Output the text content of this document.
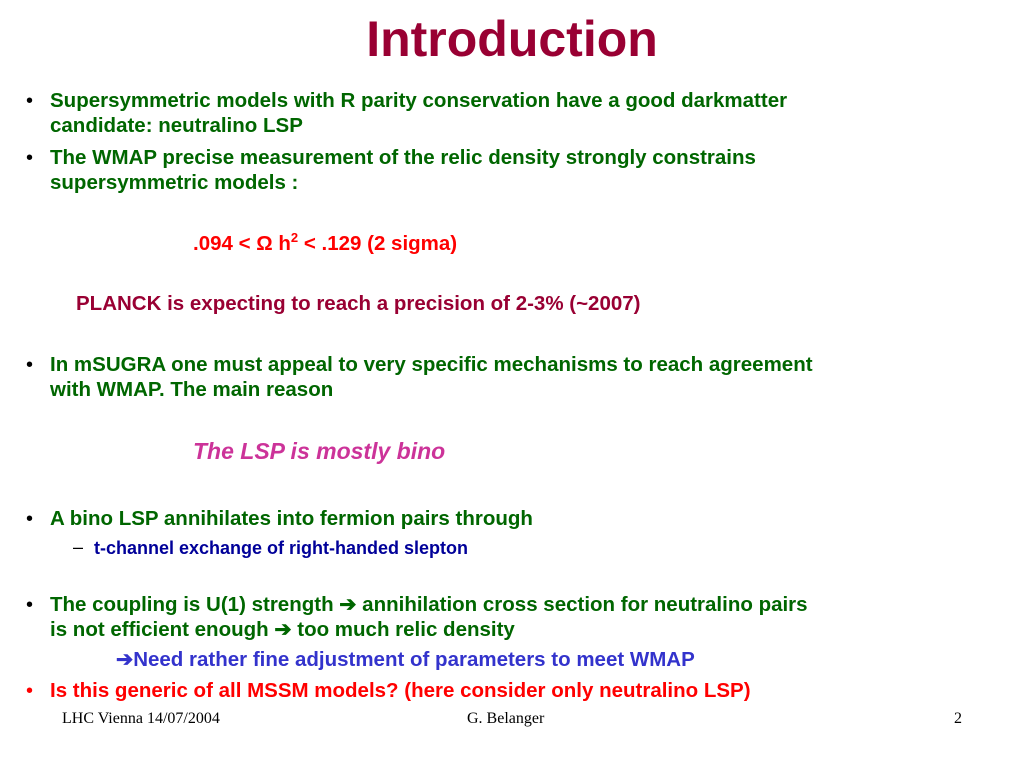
Introduction
• Supersymmetric models with R parity conservation have a good darkmatter
candidate: neutralino LSP
• The WMAP precise measurement of the relic density strongly constrains
supersymmetric models :
.094 < Ω $h^2 < .129$ (2 sigma)
PLANCK is expecting to reach a precision of 2-3% (~2007)
• In mSUGRA one must appeal to very specific mechanisms to reach agreement
with WMAP. The main reason
The LSP is mostly bino
• A bino LSP annihilates into fermion pairs through
– t-channel exchange of right-handed slepton
• The coupling is U(1) strength ➔ annihilation cross section for neutralino pairs
is not efficient enough ➔ too much relic density
➔Need rather fine adjustment of parameters to meet WMAP
• Is this generic of all MSSM models? (here consider only neutralino LSP)
LHC Vienna 14/07/2004	G. Belanger	2
